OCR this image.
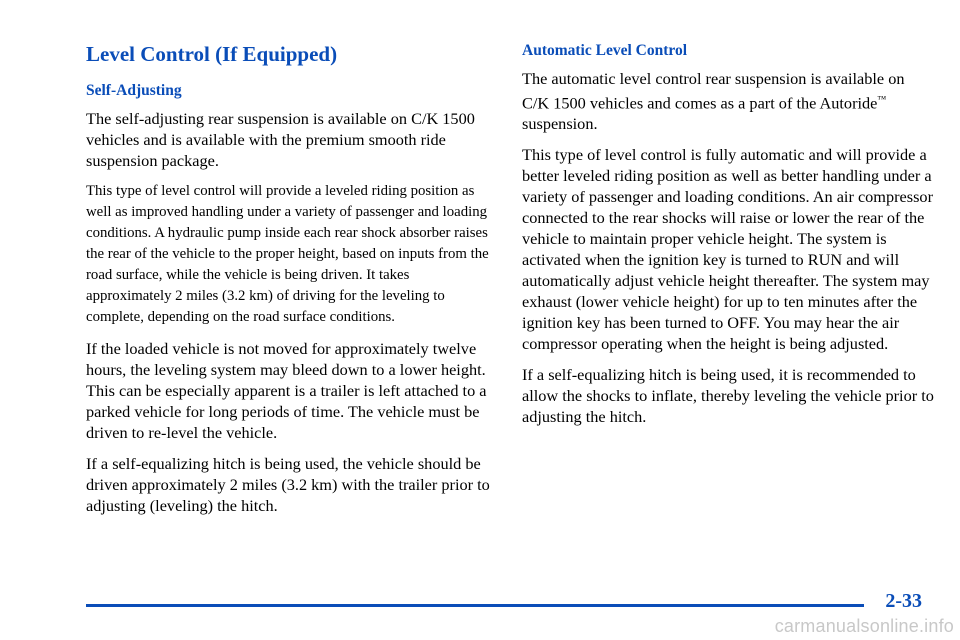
Level Control (If Equipped)
Self‐Adjusting

The self‐adjusting rear suspension is available on C/K 1500 vehicles and is available with the premium smooth ride suspension package.

This type of level control will provide a leveled riding position as well as improved handling under a variety of passenger and loading conditions. A hydraulic pump inside each rear shock absorber raises the rear of the vehicle to the proper height, based on inputs from the road surface, while the vehicle is being driven. It takes approximately 2 miles (3.2 km) of driving for the leveling to complete, depending on the road surface conditions.

If the loaded vehicle is not moved for approximately twelve hours, the leveling system may bleed down to a lower height. This can be especially apparent is a trailer is left attached to a parked vehicle for long periods of time. The vehicle must be driven to re‐level the vehicle.

If a self‐equalizing hitch is being used, the vehicle should be driven approximately 2 miles (3.2 km) with the trailer prior to adjusting (leveling) the hitch.

Automatic Level Control

The automatic level control rear suspension is available on C/K 1500 vehicles and comes as a part of the Autoride™ suspension.

This type of level control is fully automatic and will provide a better leveled riding position as well as better handling under a variety of passenger and loading conditions. An air compressor connected to the rear shocks will raise or lower the rear of the vehicle to maintain proper vehicle height. The system is activated when the ignition key is turned to RUN and will automatically adjust vehicle height thereafter. The system may exhaust (lower vehicle height) for up to ten minutes after the ignition key has been turned to OFF. You may hear the air compressor operating when the height is being adjusted.

If a self‐equalizing hitch is being used, it is recommended to allow the shocks to inflate, thereby leveling the vehicle prior to adjusting the hitch.

2-33
carmanualsonline.info
